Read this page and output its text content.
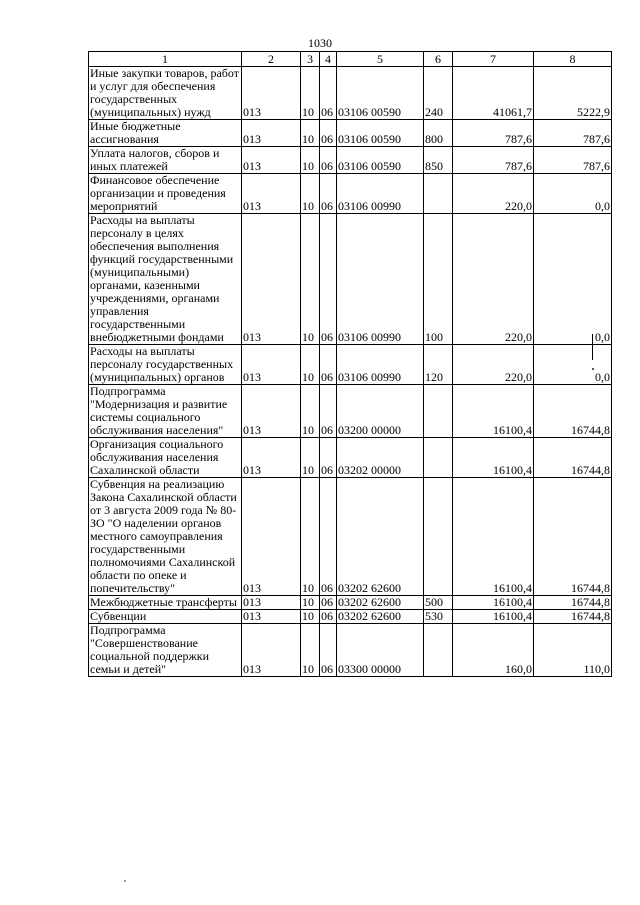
1030
1	2	3	4	5	6	7	8
Иные закупки товаров, работ и услуг для обеспечения государственных (муниципальных) нужд	013	10	06	03106 00590	240	41061,7	5222,9
Иные бюджетные ассигнования	013	10	06	03106 00590	800	787,6	787,6
Уплата налогов, сборов и иных платежей	013	10	06	03106 00590	850	787,6	787,6
Финансовое обеспечение организации и проведения мероприятий	013	10	06	03106 00990		220,0	0,0
Расходы на выплаты персоналу в целях обеспечения выполнения функций государственными (муниципальными) органами, казенными учреждениями, органами управления государственными внебюджетными фондами	013	10	06	03106 00990	100	220,0	0,0
Расходы на выплаты персоналу государственных (муниципальных) органов	013	10	06	03106 00990	120	220,0	0,0
Подпрограмма "Модернизация и развитие системы социального обслуживания населения"	013	10	06	03200 00000		16100,4	16744,8
Организация социального обслуживания населения Сахалинской области	013	10	06	03202 00000		16100,4	16744,8
Субвенция на реализацию Закона Сахалинской области от 3 августа 2009 года № 80-ЗО "О наделении органов местного самоуправления государственными полномочиями Сахалинской области по опеке и попечительству"	013	10	06	03202 62600		16100,4	16744,8
Межбюджетные трансферты	013	10	06	03202 62600	500	16100,4	16744,8
Субвенции	013	10	06	03202 62600	530	16100,4	16744,8
Подпрограмма "Совершенствование социальной поддержки семьи и детей"	013	10	06	03300 00000		160,0	110,0
